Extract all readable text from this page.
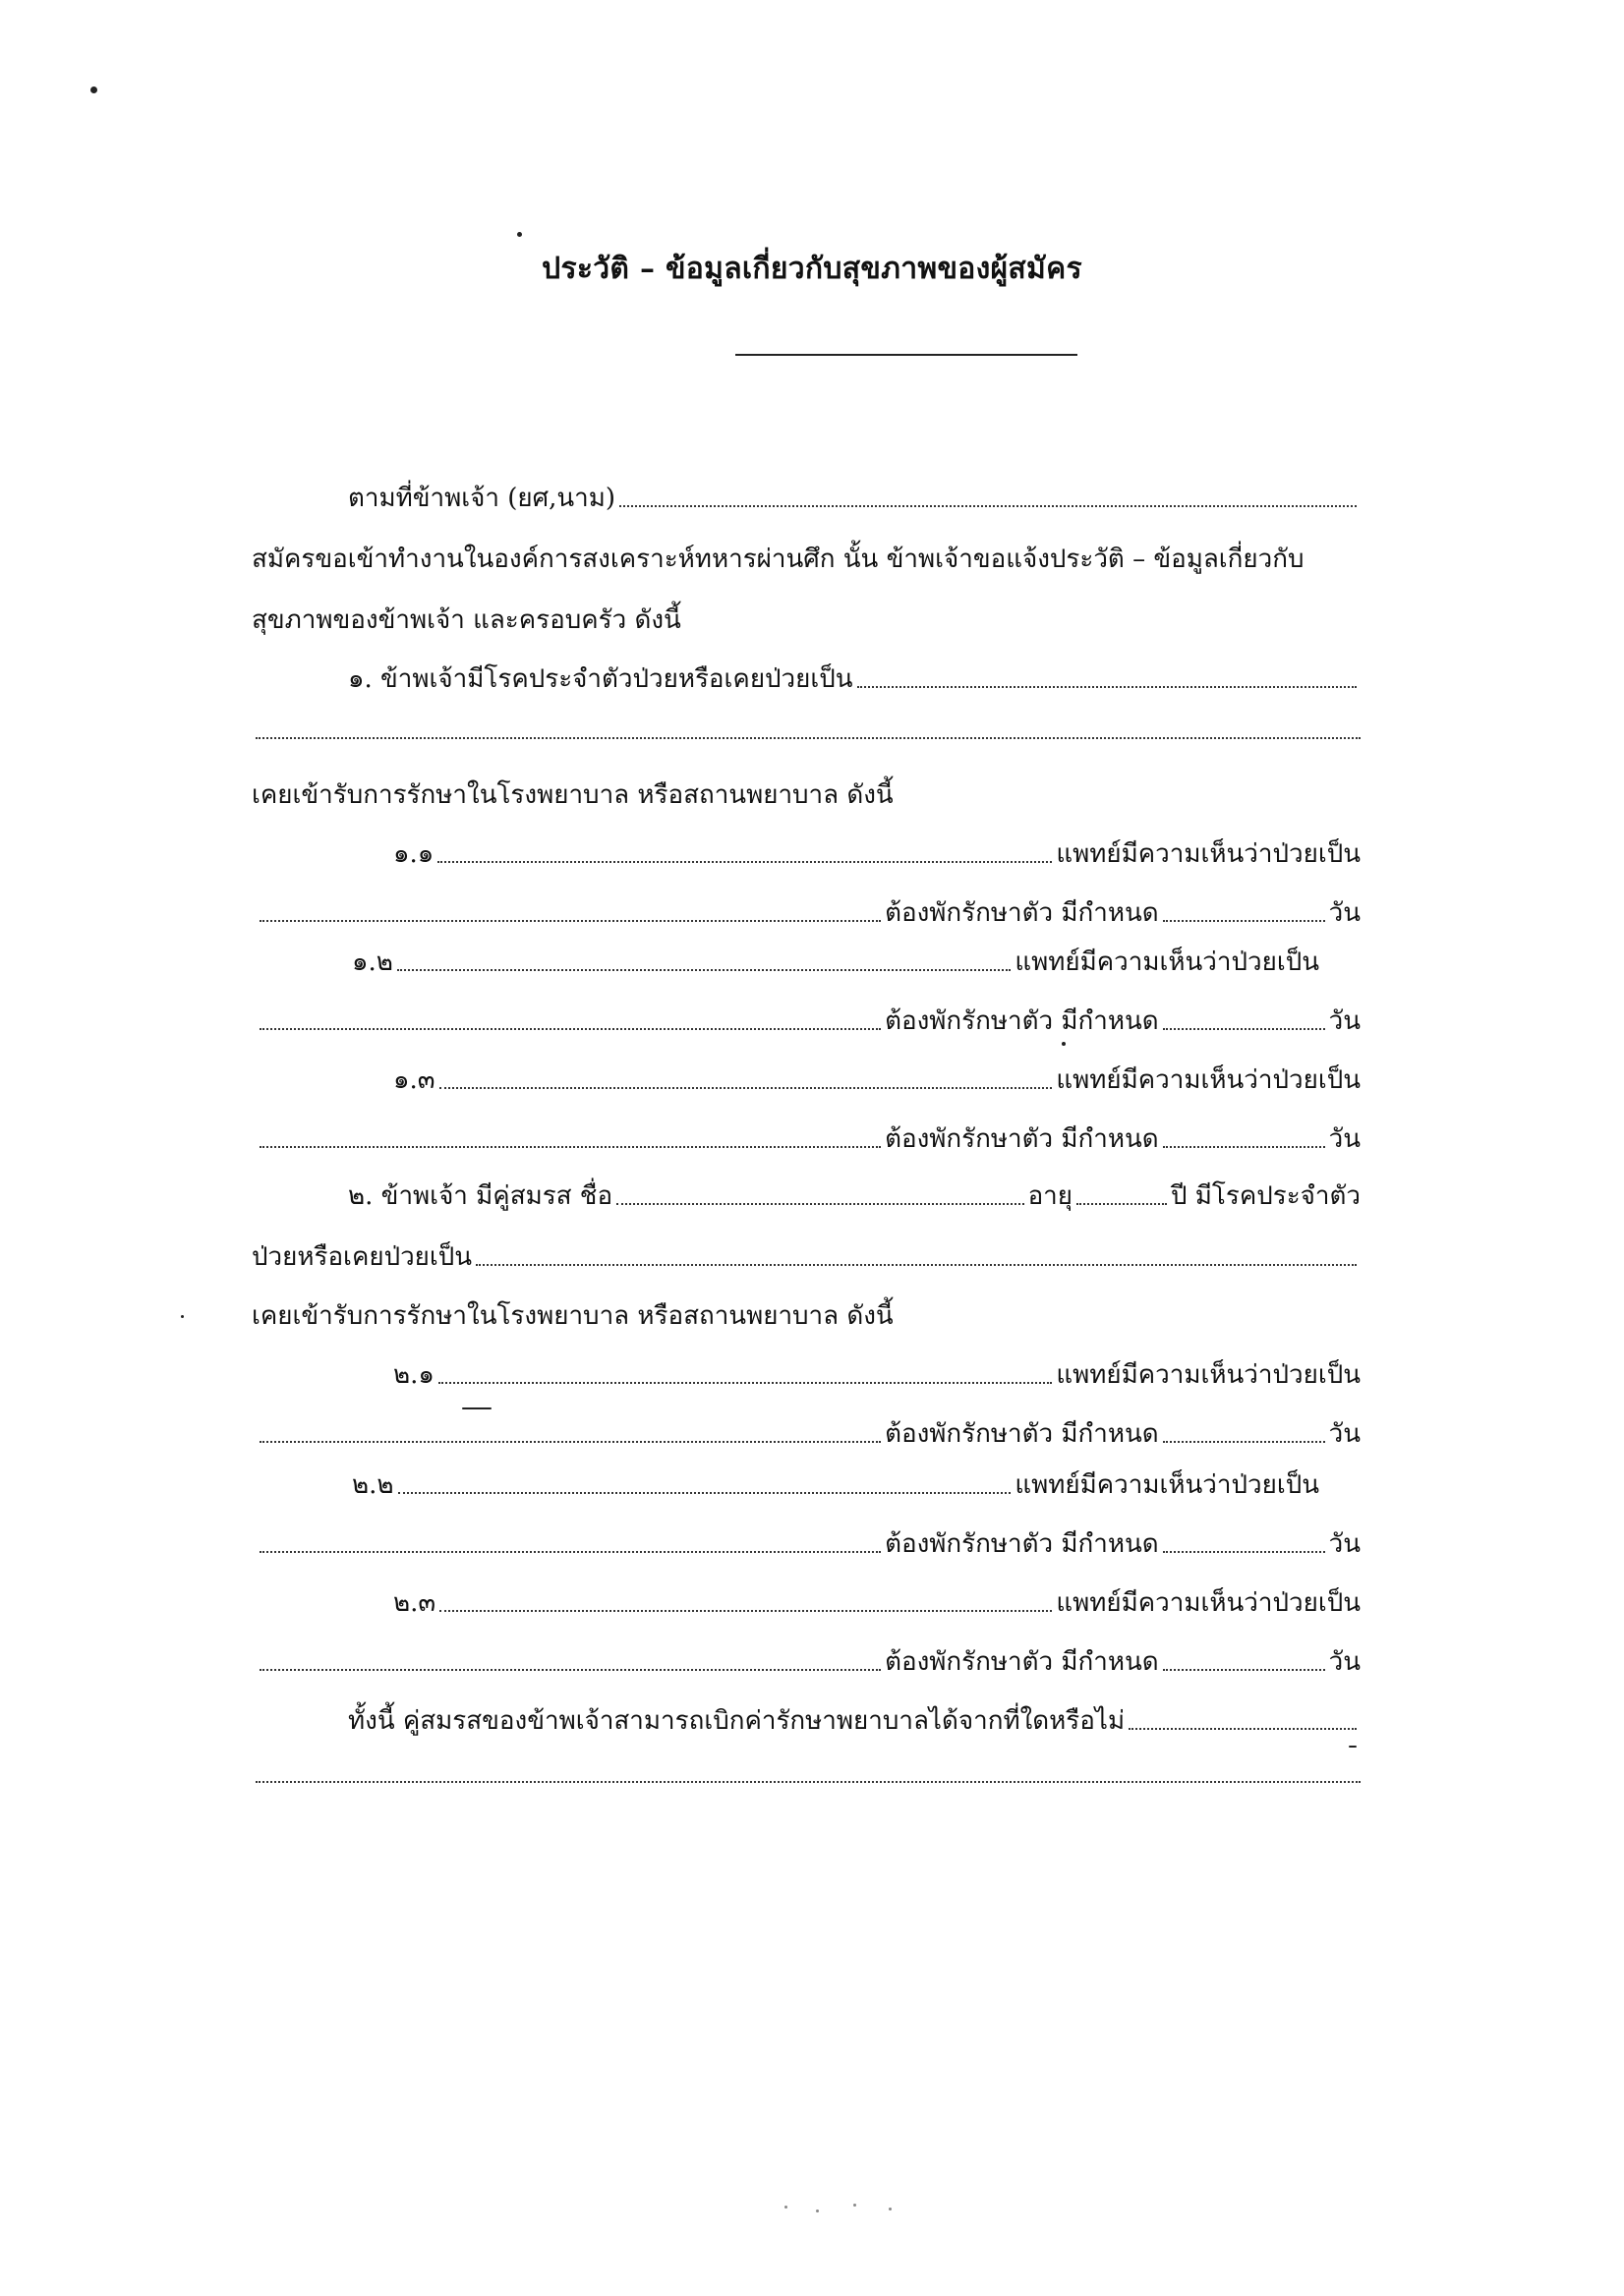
ประวัติ – ข้อมูลเกี่ยวกับสุขภาพของผู้สมัคร
ตามที่ข้าพเจ้า (ยศ,นาม)
สมัครขอเข้าทำงานในองค์การสงเคราะห์ทหารผ่านศึก นั้น ข้าพเจ้าขอแจ้งประวัติ – ข้อมูลเกี่ยวกับ
สุขภาพของข้าพเจ้า และครอบครัว ดังนี้
๑. ข้าพเจ้ามีโรคประจำตัวป่วยหรือเคยป่วยเป็น
เคยเข้ารับการรักษาในโรงพยาบาล หรือสถานพยาบาล ดังนี้
๑.๑	แพทย์มีความเห็นว่าป่วยเป็น
ต้องพักรักษาตัว มีกำหนด	วัน
๑.๒	แพทย์มีความเห็นว่าป่วยเป็น
ต้องพักรักษาตัว มีกำหนด	วัน
๑.๓	แพทย์มีความเห็นว่าป่วยเป็น
ต้องพักรักษาตัว มีกำหนด	วัน
๒. ข้าพเจ้า มีคู่สมรส ชื่อ	อายุ	ปี มีโรคประจำตัว
ป่วยหรือเคยป่วยเป็น
เคยเข้ารับการรักษาในโรงพยาบาล หรือสถานพยาบาล ดังนี้
๒.๑	แพทย์มีความเห็นว่าป่วยเป็น
ต้องพักรักษาตัว มีกำหนด	วัน
๒.๒	แพทย์มีความเห็นว่าป่วยเป็น
ต้องพักรักษาตัว มีกำหนด	วัน
๒.๓	แพทย์มีความเห็นว่าป่วยเป็น
ต้องพักรักษาตัว มีกำหนด	วัน
ทั้งนี้ คู่สมรสของข้าพเจ้าสามารถเบิกค่ารักษาพยาบาลได้จากที่ใดหรือไม่
